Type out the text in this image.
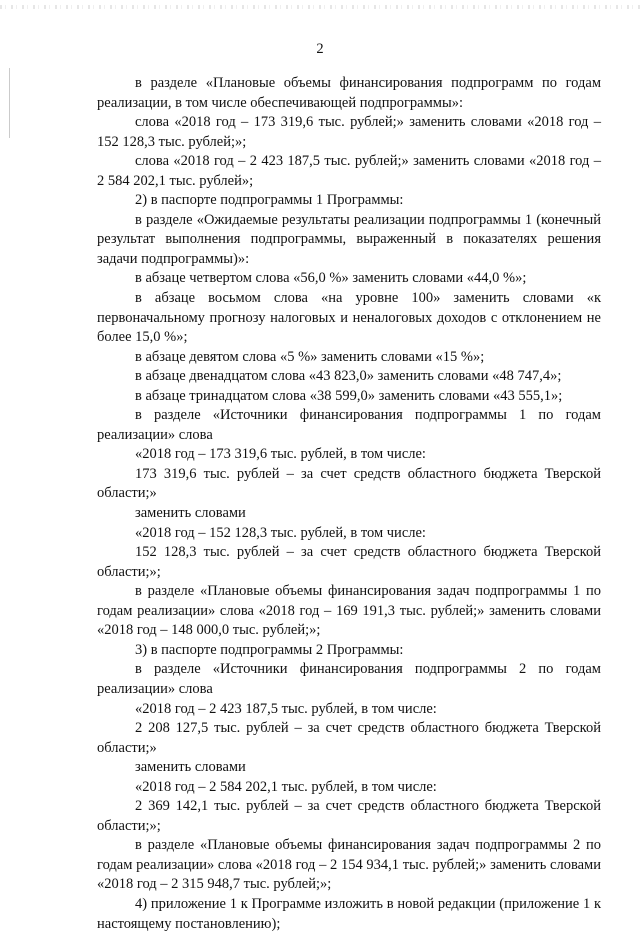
2

в разделе «Плановые объемы финансирования подпрограмм по годам реализации, в том числе обеспечивающей подпрограммы»:

слова «2018 год – 173 319,6 тыс. рублей;» заменить словами «2018 год – 152 128,3 тыс. рублей;»;

слова «2018 год – 2 423 187,5 тыс. рублей;» заменить словами «2018 год – 2 584 202,1 тыс. рублей»;

2) в паспорте подпрограммы 1 Программы:

в разделе «Ожидаемые результаты реализации подпрограммы 1 (конечный результат выполнения подпрограммы, выраженный в показателях решения задачи подпрограммы)»:

в абзаце четвертом слова «56,0 %» заменить словами «44,0 %»;

в абзаце восьмом слова «на уровне 100» заменить словами «к первоначальному прогнозу налоговых и неналоговых доходов с отклонением не более 15,0 %»;

в абзаце девятом слова «5 %» заменить словами «15 %»;

в абзаце двенадцатом слова «43 823,0» заменить словами «48 747,4»;

в абзаце тринадцатом слова «38 599,0» заменить словами «43 555,1»;

в разделе «Источники финансирования подпрограммы 1 по годам реализации» слова

«2018 год – 173 319,6 тыс. рублей, в том числе:

173 319,6 тыс. рублей – за счет средств областного бюджета Тверской области;»

заменить словами

«2018 год – 152 128,3 тыс. рублей, в том числе:

152 128,3 тыс. рублей – за счет средств областного бюджета Тверской области;»;

в разделе «Плановые объемы финансирования задач подпрограммы 1 по годам реализации» слова «2018 год – 169 191,3 тыс. рублей;» заменить словами «2018 год – 148 000,0 тыс. рублей;»;

3) в паспорте подпрограммы 2 Программы:

в разделе «Источники финансирования подпрограммы 2 по годам реализации» слова

«2018 год – 2 423 187,5 тыс. рублей, в том числе:

2 208 127,5 тыс. рублей – за счет средств областного бюджета Тверской области;»

заменить словами

«2018 год – 2 584 202,1 тыс. рублей, в том числе:

2 369 142,1 тыс. рублей – за счет средств областного бюджета Тверской области;»;

в разделе «Плановые объемы финансирования задач подпрограммы 2 по годам реализации» слова «2018 год – 2 154 934,1 тыс. рублей;» заменить словами «2018 год – 2 315 948,7 тыс. рублей;»;

4) приложение 1 к Программе изложить в новой редакции (приложение 1 к настоящему постановлению);
